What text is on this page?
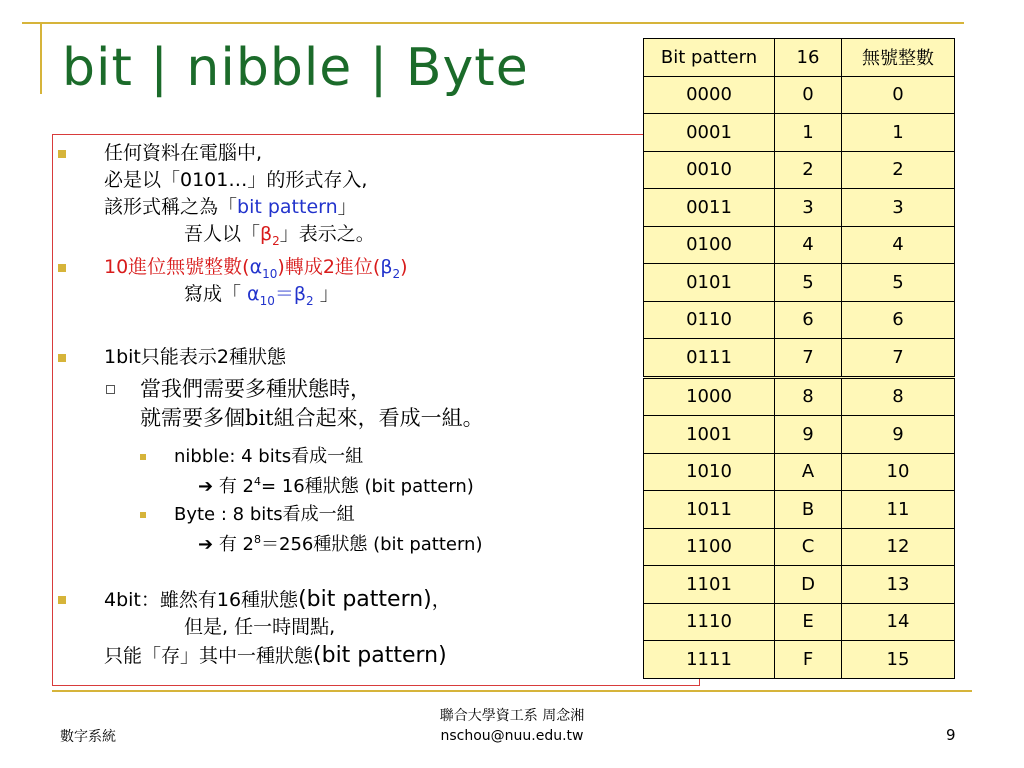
bit | nibble | Byte
任何資料在電腦中,
必是以「0101…」的形式存入,
該形式稱之為「bit pattern」
吾人以「$\beta_2$」表示之。
10進位無號整數$(\alpha_{10})$轉成2進位$(\beta_2)$
寫成「 $\alpha_{10}=\beta_2$ 」
1bit只能表示2種狀態
當我們需要多種狀態時，
就需要多個bit組合起來，看成一組。
nibble: 4 bits看成一組
➔ 有 $2^4= 16$種狀態 (bit pattern)
Byte : 8 bits看成一組
➔ 有 $2^8=256$種狀態 (bit pattern)
4bit：雖然有16種狀態(bit pattern)，
但是, 任一時間點,
只能「存」其中一種狀態(bit pattern)
Bit pattern	16	無號整數
0000	0	0
0001	1	1
0010	2	2
0011	3	3
0100	4	4
0101	5	5
0110	6	6
0111	7	7
1000	8	8
1001	9	9
1010	A	10
1011	B	11
1100	C	12
1101	D	13
1110	E	14
1111	F	15
數字系統
聯合大學資工系 周念湘
nschou@nuu.edu.tw	9
